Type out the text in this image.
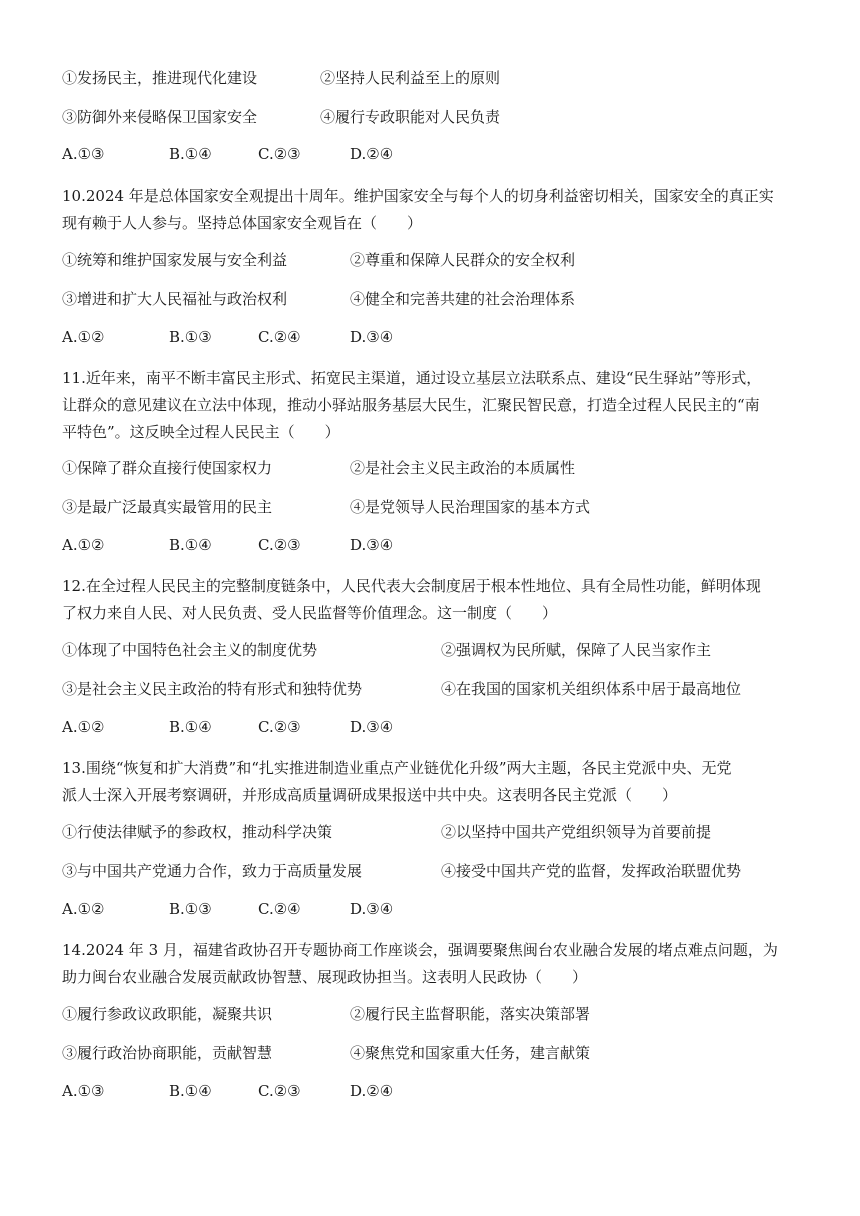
①发扬民主，推进现代化建设	②坚持人民利益至上的原则
③防御外来侵略保卫国家安全	④履行专政职能对人民负责
A.①③	B.①④	C.②③	D.②④
10.2024 年是总体国家安全观提出十周年。维护国家安全与每个人的切身利益密切相关，国家安全的真正实
现有赖于人人参与。坚持总体国家安全观旨在（　　）
①统筹和维护国家发展与安全利益	②尊重和保障人民群众的安全权利
③增进和扩大人民福祉与政治权利	④健全和完善共建的社会治理体系
A.①②	B.①③	C.②④	D.③④
11.近年来，南平不断丰富民主形式、拓宽民主渠道，通过设立基层立法联系点、建设“民生驿站”等形式，
让群众的意见建议在立法中体现，推动小驿站服务基层大民生，汇聚民智民意，打造全过程人民民主的“南
平特色”。这反映全过程人民民主（　　）
①保障了群众直接行使国家权力	②是社会主义民主政治的本质属性
③是最广泛最真实最管用的民主	④是党领导人民治理国家的基本方式
A.①②	B.①④	C.②③	D.③④
12.在全过程人民民主的完整制度链条中，人民代表大会制度居于根本性地位、具有全局性功能，鲜明体现
了权力来自人民、对人民负责、受人民监督等价值理念。这一制度（　　）
①体现了中国特色社会主义的制度优势	②强调权为民所赋，保障了人民当家作主
③是社会主义民主政治的特有形式和独特优势	④在我国的国家机关组织体系中居于最高地位
A.①②	B.①④	C.②③	D.③④
13.围绕“恢复和扩大消费”和“扎实推进制造业重点产业链优化升级”两大主题，各民主党派中央、无党
派人士深入开展考察调研，并形成高质量调研成果报送中共中央。这表明各民主党派（　　）
①行使法律赋予的参政权，推动科学决策	②以坚持中国共产党组织领导为首要前提
③与中国共产党通力合作，致力于高质量发展	④接受中国共产党的监督，发挥政治联盟优势
A.①②	B.①③	C.②④	D.③④
14.2024 年 3 月，福建省政协召开专题协商工作座谈会，强调要聚焦闽台农业融合发展的堵点难点问题，为
助力闽台农业融合发展贡献政协智慧、展现政协担当。这表明人民政协（　　）
①履行参政议政职能，凝聚共识	②履行民主监督职能，落实决策部署
③履行政治协商职能，贡献智慧	④聚焦党和国家重大任务，建言献策
A.①③	B.①④	C.②③	D.②④
